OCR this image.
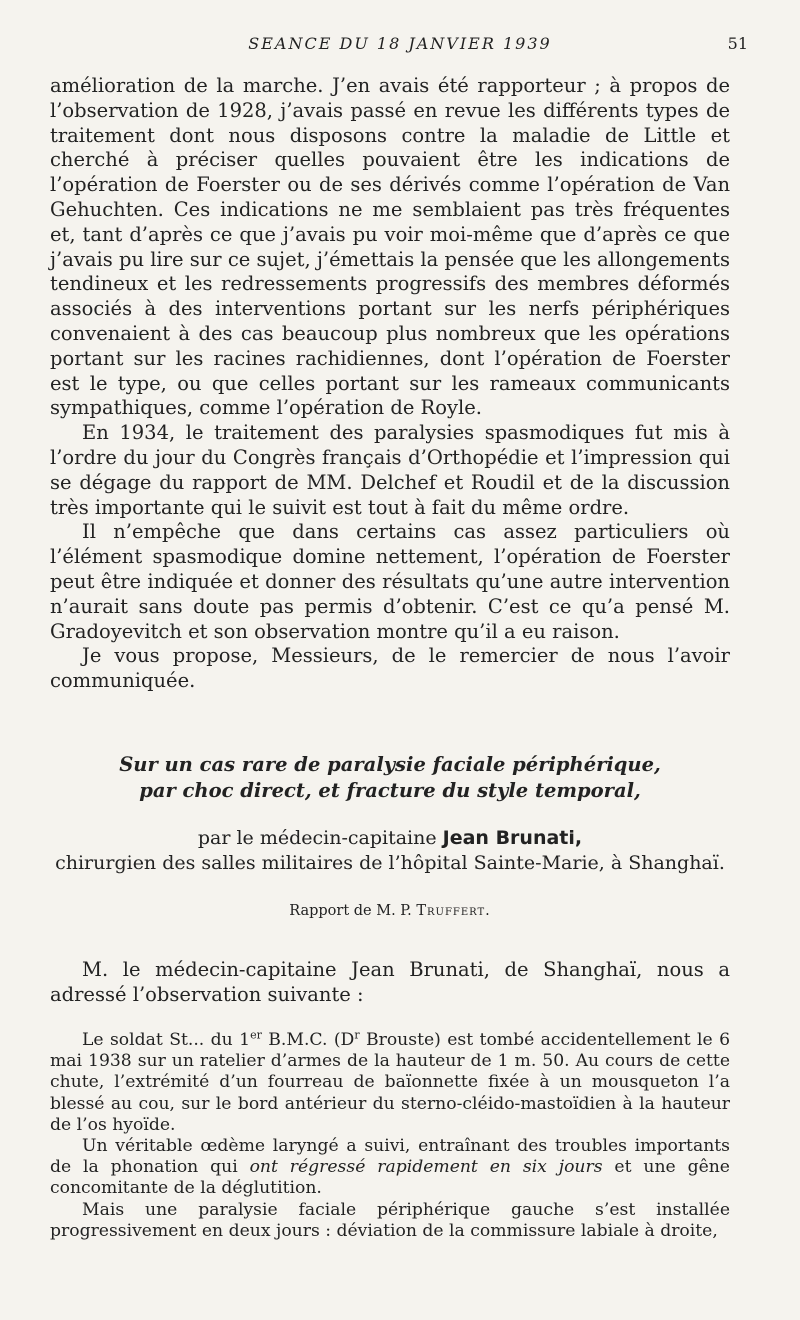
SEANCE DU 18 JANVIER 1939	51

amélioration de la marche. J’en avais été rapporteur ; à propos de l’observation de 1928, j’avais passé en revue les différents types de traitement dont nous disposons contre la maladie de Little et cherché à préciser quelles pouvaient être les indications de l’opération de Foerster ou de ses dérivés comme l’opération de Van Gehuchten. Ces indications ne me semblaient pas très fréquentes et, tant d’après ce que j’avais pu voir moi-même que d’après ce que j’avais pu lire sur ce sujet, j’émettais la pensée que les allongements tendineux et les redressements progressifs des membres déformés associés à des interventions portant sur les nerfs périphériques convenaient à des cas beaucoup plus nombreux que les opérations portant sur les racines rachidiennes, dont l’opération de Foerster est le type, ou que celles portant sur les rameaux communicants sympathiques, comme l’opération de Royle.

En 1934, le traitement des paralysies spasmodiques fut mis à l’ordre du jour du Congrès français d’Orthopédie et l’impression qui se dégage du rapport de MM. Delchef et Roudil et de la discussion très importante qui le suivit est tout à fait du même ordre.

Il n’empêche que dans certains cas assez particuliers où l’élément spasmodique domine nettement, l’opération de Foerster peut être indiquée et donner des résultats qu’une autre intervention n’aurait sans doute pas permis d’obtenir. C’est ce qu’a pensé M. Gradoyevitch et son observation montre qu’il a eu raison.

Je vous propose, Messieurs, de le remercier de nous l’avoir communiquée.

Sur un cas rare de paralysie faciale périphérique,
par choc direct, et fracture du style temporal,
par le médecin-capitaine Jean Brunati,
chirurgien des salles militaires de l’hôpital Sainte-Marie, à Shanghaï.
Rapport de M. P. Truffert.

M. le médecin-capitaine Jean Brunati, de Shanghaï, nous a adressé l’observation suivante :

Le soldat St... du 1er B.M.C. ($D^r$ Brouste) est tombé accidentellement le 6 mai 1938 sur un ratelier d’armes de la hauteur de 1 m. 50. Au cours de cette chute, l’extrémité d’un fourreau de baïonnette fixée à un mousqueton l’a blessé au cou, sur le bord antérieur du sterno-cléido-mastoïdien à la hauteur de l’os hyoïde.

Un véritable œdème laryngé a suivi, entraînant des troubles importants de la phonation qui ont régressé rapidement en six jours et une gêne concomitante de la déglutition.

Mais une paralysie faciale périphérique gauche s’est installée progressivement en deux jours : déviation de la commissure labiale à droite,
